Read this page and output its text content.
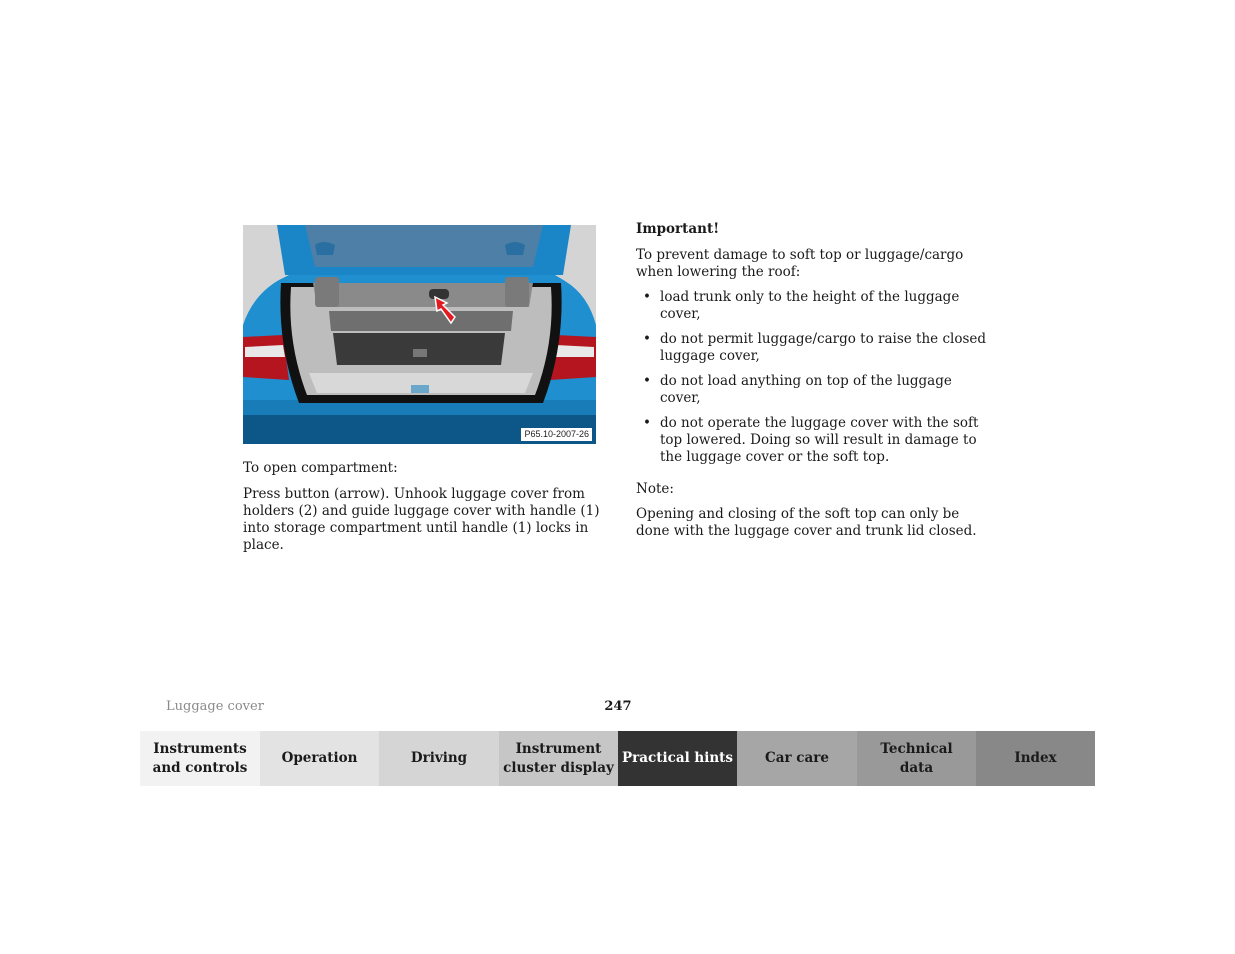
P65.10-2007-26

To open compartment:

Press button (arrow). Unhook luggage cover from holders (2) and guide luggage cover with handle (1) into storage compartment until handle (1) locks in place.

Important!

To prevent damage to soft top or luggage/cargo when lowering the roof:

• load trunk only to the height of the luggage cover,
• do not permit luggage/cargo to raise the closed luggage cover,
• do not load anything on top of the luggage cover,
• do not operate the luggage cover with the soft top lowered. Doing so will result in damage to the luggage cover or the soft top.

Note:

Opening and closing of the soft top can only be done with the luggage cover and trunk lid closed.

Luggage cover	247
Instruments
and controls
Operation	Driving
Instrument
cluster display
Practical hints Car care
Technical
data
Index
